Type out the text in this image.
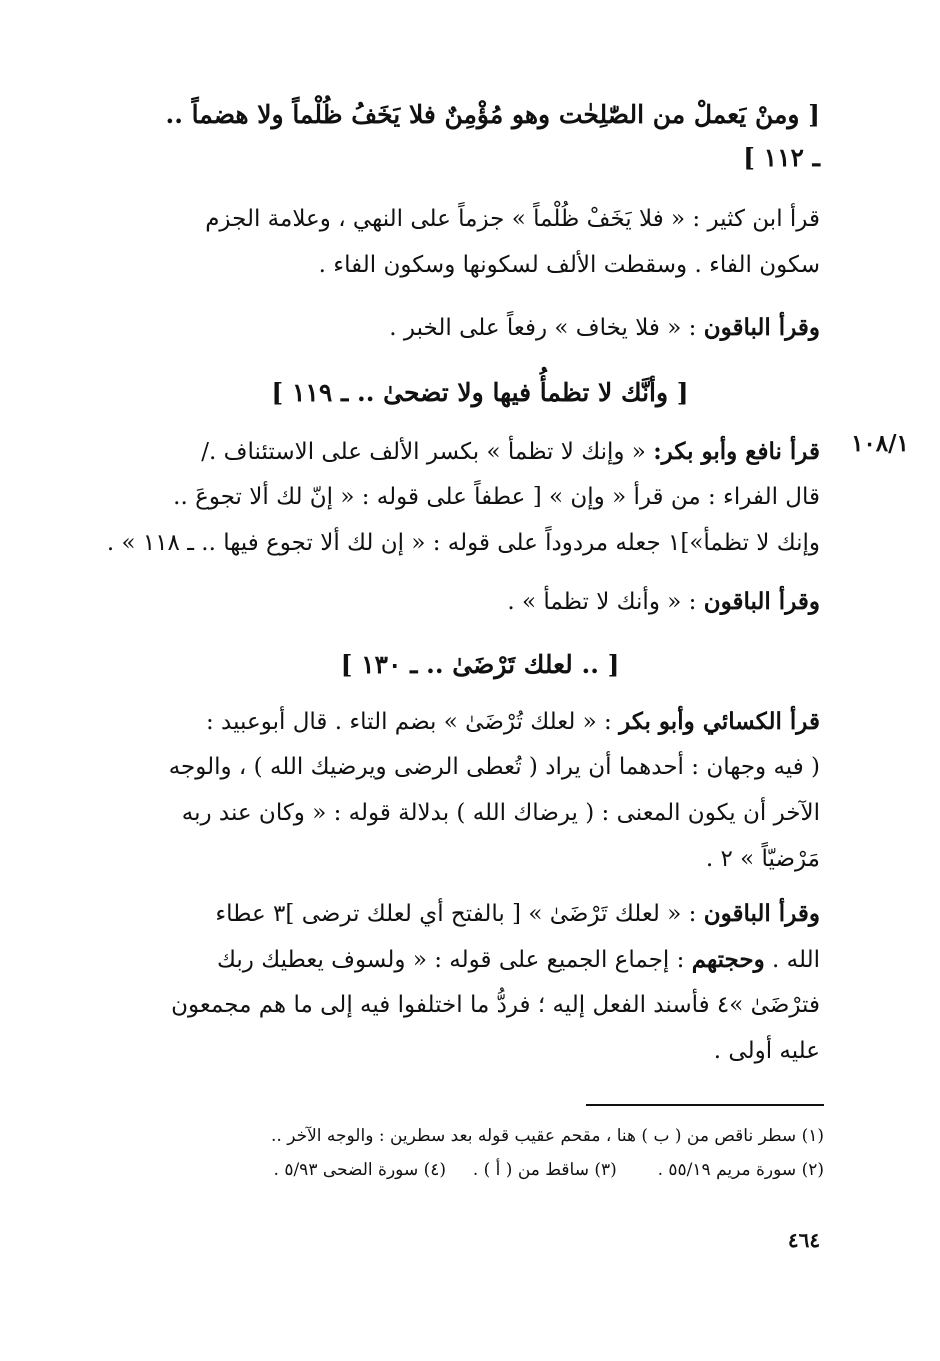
[ ومنْ يَعملْ من الصّٰلِحٰت وهو مُؤْمِنٌ فلا يَخَفُ ظُلْماً ولا هضماً ..
ـ ١١٢ ]
قرأ ابن كثير : « فلا يَخَفْ ظُلْماً » جزماً على النهي ، وعلامة الجزم
سكون الفاء . وسقطت الألف لسكونها وسكون الفاء .
وقرأ الباقون : « فلا يخاف » رفعاً على الخبر .
[ وأنَّك لا تظمأُ فيها ولا تضحىٰ .. ـ ١١٩ ]
١٠٨/١
قرأ نافع وأبو بكر: « وإنك لا تظمأ » بكسر الألف على الاستئناف ./
قال الفراء : من قرأ « وإن » [ عطفاً على قوله : « إنّ لك ألا تجوعَ ..
وإنك لا تظمأ»]١ جعله مردوداً على قوله : « إن لك ألا تجوع فيها .. ـ ١١٨ » .
وقرأ الباقون : « وأنك لا تظمأ » .
[ .. لعلك تَرْضَىٰ .. ـ ١٣٠ ]
قرأ الكسائي وأبو بكر : « لعلك تُرْضَىٰ » بضم التاء . قال أبوعبيد :
( فيه وجهان : أحدهما أن يراد ( تُعطى الرضى ويرضيك الله ) ، والوجه
الآخر أن يكون المعنى : ( يرضاك الله ) بدلالة قوله : « وكان عند ربه
مَرْضيّاً » ٢ .
وقرأ الباقون : « لعلك تَرْضَىٰ » [ بالفتح أي لعلك ترضى ]٣ عطاء
الله . وحجتهم : إجماع الجميع على قوله : « ولسوف يعطيك ربك
فترْضَىٰ »٤ فأسند الفعل إليه ؛ فردُّ ما اختلفوا فيه إلى ما هم مجمعون
عليه أولى .
(١) سطر ناقص من ( ب ) هنا ، مقحم عقيب قوله بعد سطرين : والوجه الآخر ..
(٢) سورة مريم ٥٥/١٩ .  (٣) ساقط من ( أ ) .  (٤) سورة الضحى ٥/٩٣ .
٤٦٤
